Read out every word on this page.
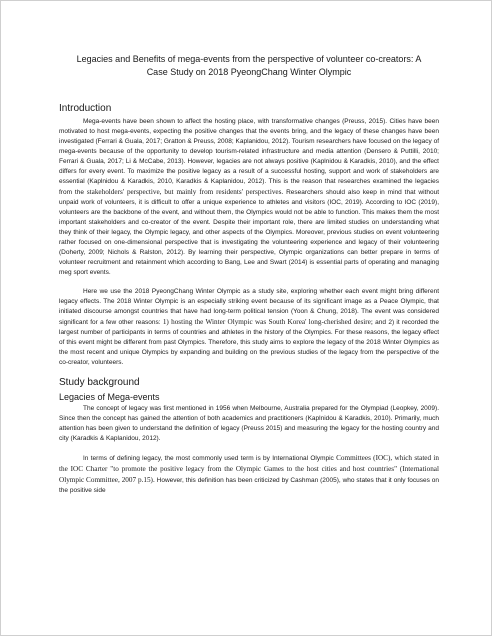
Legacies and Benefits of mega-events from the perspective of volunteer co-creators: A Case Study on 2018 PyeongChang Winter Olympic
Introduction

Mega-events have been shown to affect the hosting place, with transformative changes (Preuss, 2015). Cities have been motivated to host mega-events, expecting the positive changes that the events bring, and the legacy of these changes have been investigated (Ferrari & Guala, 2017; Gratton & Preuss, 2008; Kaplanidou, 2012). Tourism researchers have focused on the legacy of mega-events because of the opportunity to develop tourism-related infrastructure and media attention (Densero & Puttilli, 2010; Ferrari & Guala, 2017; Li & McCabe, 2013). However, legacies are not always positive (Kaplnidou & Karadkis, 2010), and the effect differs for every event. To maximize the positive legacy as a result of a successful hosting, support and work of stakeholders are essential (Kaplnidou & Karadkis, 2010, Karadkis & Kaplanidou, 2012). This is the reason that researches examined the legacies from the stakeholders' perspective, but mainly from residents' perspectives. Researchers should also keep in mind that without unpaid work of volunteers, it is difficult to offer a unique experience to athletes and visitors (IOC, 2019). According to IOC (2019), volunteers are the backbone of the event, and without them, the Olympics would not be able to function. This makes them the most important stakeholders and co-creator of the event. Despite their important role, there are limited studies on understanding what they think of their legacy, the Olympic legacy, and other aspects of the Olympics. Moreover, previous studies on event volunteering rather focused on one-dimensional perspective that is investigating the volunteering experience and legacy of their volunteering (Doherty, 2009; Nichols & Ralston, 2012). By learning their perspective, Olympic organizations can better prepare in terms of volunteer recruitment and retainment which according to Bang, Lee and Swart (2014) is essential parts of operating and managing meg sport events.

Here we use the 2018 PyeongChang Winter Olympic as a study site, exploring whether each event might bring different legacy effects. The 2018 Winter Olympic is an especially striking event because of its significant image as a Peace Olympic, that initiated discourse amongst countries that have had long-term political tension (Yoon & Chung, 2018). The event was considered significant for a few other reasons: 1) hosting the Winter Olympic was South Korea' long-cherished desire; and 2) it recorded the largest number of participants in terms of countries and athletes in the history of the Olympics. For these reasons, the legacy effect of this event might be different from past Olympics. Therefore, this study aims to explore the legacy of the 2018 Winter Olympics as the most recent and unique Olympics by expanding and building on the previous studies of the legacy from the perspective of the co-creator, volunteers.

Study background
Legacies of Mega-events

The concept of legacy was first mentioned in 1956 when Melbourne, Australia prepared for the Olympiad (Leopkey, 2009). Since then the concept has gained the attention of both academics and practitioners (Kaplnidou & Karadkis, 2010). Primarily, much attention has been given to understand the definition of legacy (Preuss 2015) and measuring the legacy for the hosting country and city (Karadkis & Kaplanidou, 2012).

In terms of defining legacy, the most commonly used term is by International Olympic Committees (IOC), which stated in the IOC Charter "to promote the positive legacy from the Olympic Games to the host cities and host countries" (International Olympic Committee, 2007 p.15). However, this definition has been criticized by Cashman (2005), who states that it only focuses on the positive side
